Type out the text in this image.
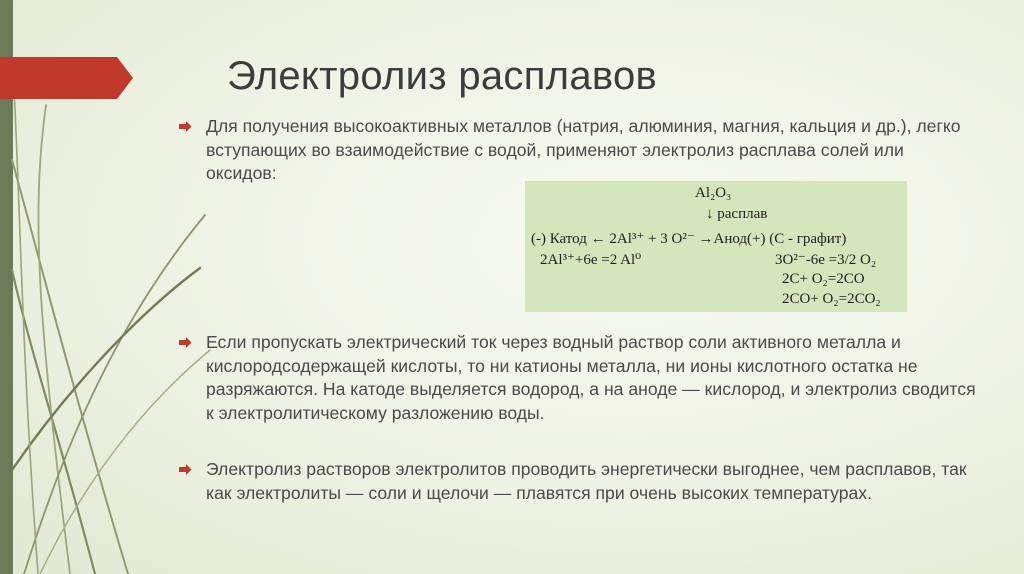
Электролиз расплавов
Для получения высокоактивных металлов (натрия, алюминия, магния, кальция и др.), легко вступающих во взаимодействие с водой, применяют электролиз расплава солей или оксидов:
Al₂O₃
↓ расплав
(-) Катод ← 2Al³⁺ + 3 O²⁻ →Анод(+) (С - графит)
2Al³⁺+6e =2 Al⁰	3O²⁻-6e =3/2 O₂
2C+ O₂=2CO
2CO+ O₂=2CO₂
Если пропускать электрический ток через водный раствор соли активного металла и кислородсодержащей кислоты, то ни катионы металла, ни ионы кислотного остатка не разряжаются. На катоде выделяется водород, а на аноде — кислород, и электролиз сводится к электролитическому разложению воды.
Электролиз растворов электролитов проводить энергетически выгоднее, чем расплавов, так как электролиты — соли и щелочи — плавятся при очень высоких температурах.
